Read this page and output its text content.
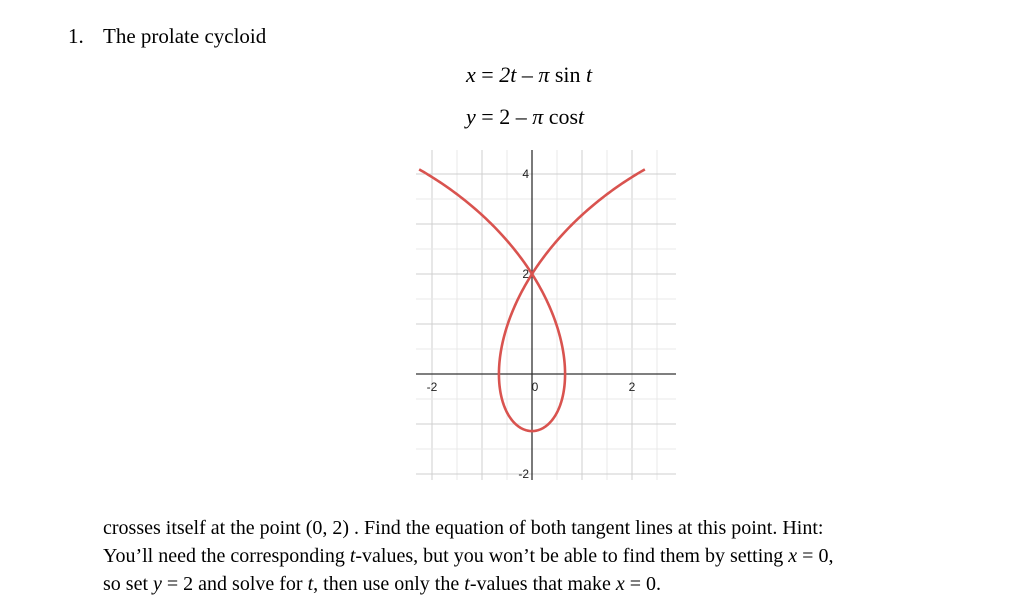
1. The prolate cycloid
x = 2t – π sin t
y = 2 – π cost
-2	0	2
4
2
-2
crosses itself at the point (0, 2) . Find the equation of both tangent lines at this point. Hint:
You’ll need the corresponding t-values, but you won’t be able to find them by setting x = 0,
so set y = 2 and solve for t, then use only the t-values that make x = 0.
